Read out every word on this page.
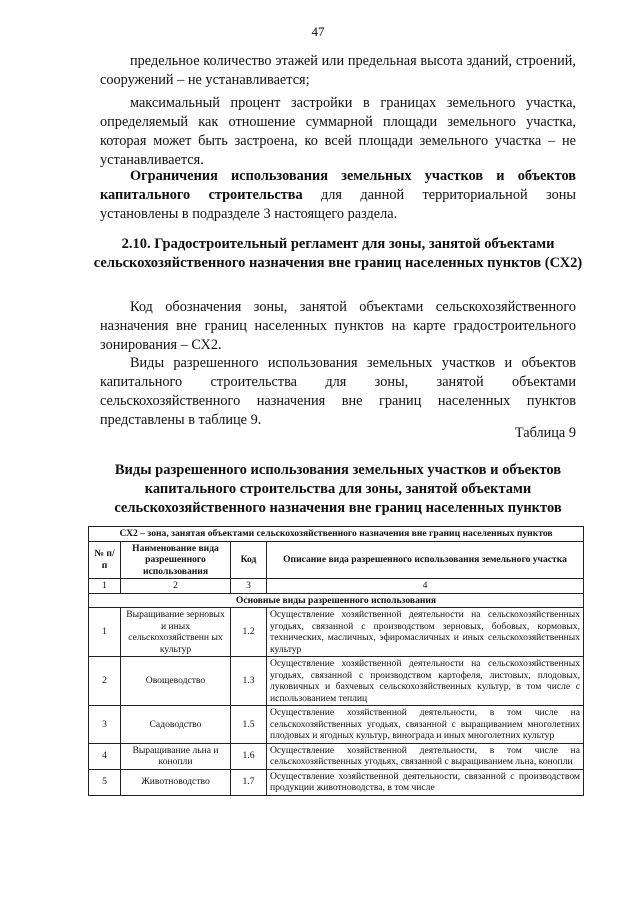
47

предельное количество этажей или предельная высота зданий, строений, сооружений – не устанавливается;

максимальный процент застройки в границах земельного участка, определяемый как отношение суммарной площади земельного участка, которая может быть застроена, ко всей площади земельного участка – не устанавливается.

Ограничения использования земельных участков и объектов капитального строительства для данной территориальной зоны установлены в подразделе 3 настоящего раздела.

2.10. Градостроительный регламент для зоны, занятой объектами сельскохозяйственного назначения вне границ населенных пунктов (СХ2)

Код обозначения зоны, занятой объектами сельскохозяйственного назначения вне границ населенных пунктов на карте градостроительного зонирования – СХ2.

Виды разрешенного использования земельных участков и объектов капитального строительства для зоны, занятой объектами сельскохозяйственного назначения вне границ населенных пунктов представлены в таблице 9.

Таблица 9
Виды разрешенного использования земельных участков и объектов капитального строительства для зоны, занятой объектами сельскохозяйственного назначения вне границ населенных пунктов
СХ2 – зона, занятая объектами сельскохозяйственного назначения вне границ населенных пунктов			
№ п/п	Наименование вида разрешенного использования	Код	Описание вида разрешенного использования земельного участка
1	2	3	4
Основные виды разрешенного использования			
1	Выращивание зерновых и иных сельскохозяйственн ых культур	1.2	Осуществление хозяйственной деятельности на сельскохозяйственных угодьях, связанной с производством зерновых, бобовых, кормовых, технических, масличных, эфиромасличных и иных сельскохозяйственных культур
2	Овощеводство	1.3	Осуществление хозяйственной деятельности на сельскохозяйственных угодьях, связанной с производством картофеля, листовых, плодовых, луковичных и бахчевых сельскохозяйственных культур, в том числе с использованием теплиц
3	Садоводство	1.5	Осуществление хозяйственной деятельности, в том числе на сельскохозяйственных угодьях, связанной с выращиванием многолетних плодовых и ягодных культур, винограда и иных многолетних культур
4	Выращивание льна и конопли	1.6	Осуществление хозяйственной деятельности, в том числе на сельскохозяйственных угодьях, связанной с выращиванием льна, конопли
5	Животноводство	1.7	Осуществление хозяйственной деятельности, связанной с производством продукции животноводства, в том числе
